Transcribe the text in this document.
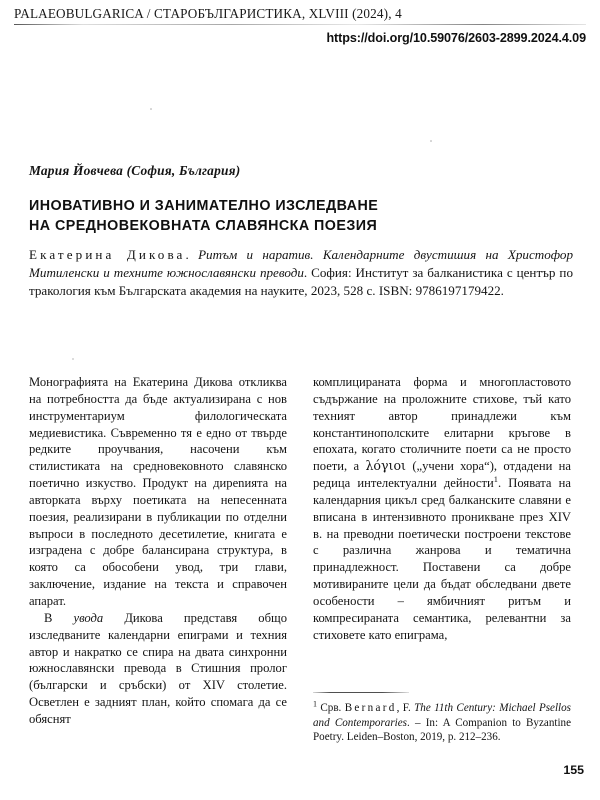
PALAEOBULGARICA / СТАРОБЪЛГАРИСТИКА, XLVIII (2024), 4
https://doi.org/10.59076/2603-2899.2024.4.09
Мария Йовчева (София, България)
ИНОВАТИВНО И ЗАНИМАТЕЛНО ИЗСЛЕДВАНЕ
НА СРЕДНОВЕКОВНАТА СЛАВЯНСКА ПОЕЗИЯ
Екатерина Дикова. Ритъм и наратив. Календарните двустишия на Христофор Митиленски и техните южнославянски преводи. София: Институт за балканистика с център по тракология към Българската академия на науките, 2023, 528 с. ISBN: 9786197179422.

Монографията на Екатерина Дикова откликва на потребността да бъде актуализирана с нов инструментариум филологическата медиевистика. Съвременно тя е едно от твърде редките проучвания, насочени към стилистиката на средновековното славянско поетично изкуство. Продукт на дирenията на авторката върху поетиката на непесенната поезия, реализирани в публикации по отделни въпроси в последното десетилетие, книгата е изградена с добре балансирана структура, в която са обособени увод, три глави, заключение, издание на текста и справочен апарат.

В увода Дикова представя общо изследваните календарни епиграми и техния автор и накратко се спира на двата синхронни южнославянски превода в Стишния пролог (български и сръбски) от XIV столетие. Осветлен е задният план, който спомага да се обяснят

комплицираната форма и многопластовото съдържание на проложните стихове, тъй като техният автор принадлежи към константинополските елитарни кръгове в епохата, когато столичните поети са не просто поети, а λόγιοι („учени хора“), отдадени на редица интелектуални дейности$^1$. Появата на календарния цикъл сред балканските славяни е вписана в интензивното проникване през XIV в. на преводни поетически построени текстове с различна жанрова и тематична принадлежност. Поставени са добре мотивираните цели да бъдат обследвани двете особености – ямбичният ритъм и компресираната семантика, релевантни за стиховете като епиграма,

$^1$ Срв. Bernard, F. The 11th Century: Michael Psellos and Contemporaries. – In: A Companion to Byzantine Poetry. Leiden–Boston, 2019, p. 212–236.
155
